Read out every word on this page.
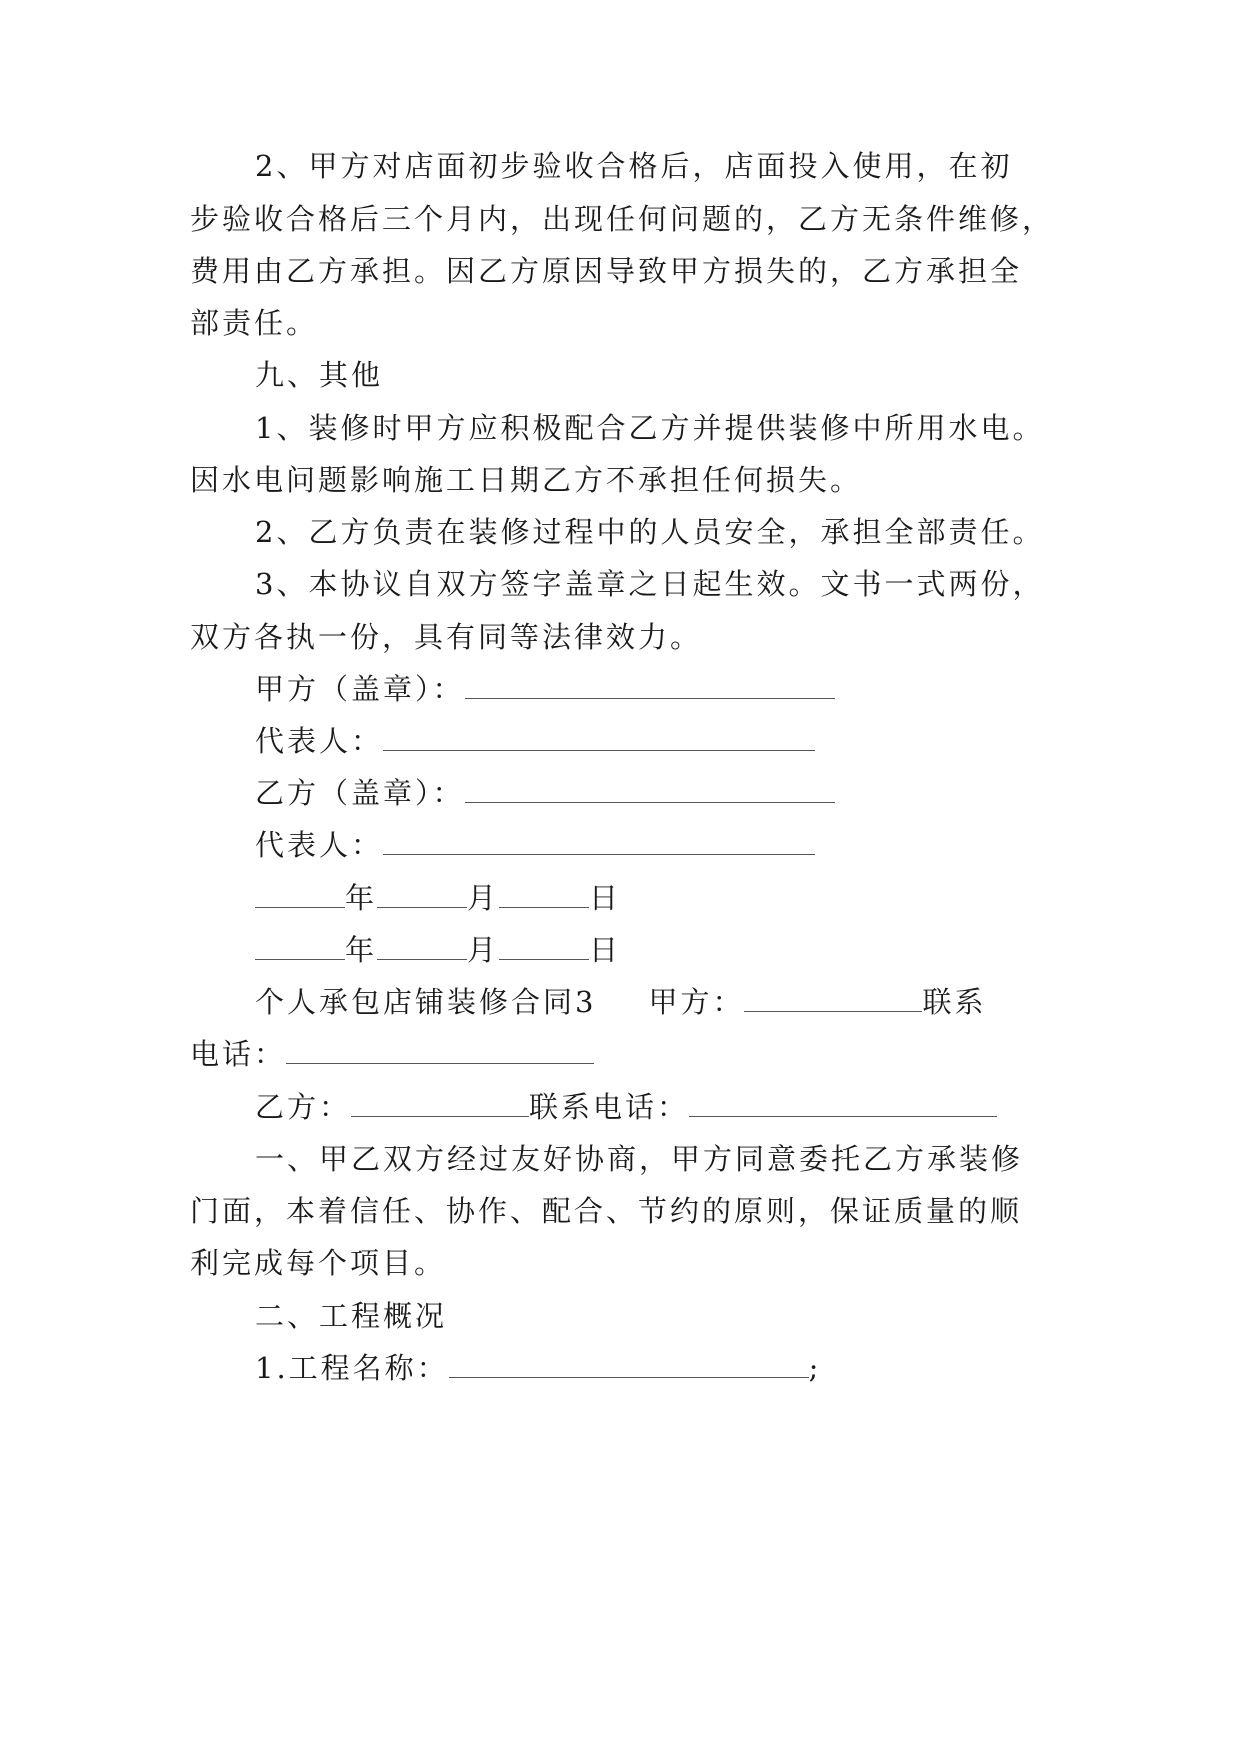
2、甲方对店面初步验收合格后，店面投入使用，在初
步验收合格后三个月内，出现任何问题的，乙方无条件维修，
费用由乙方承担。因乙方原因导致甲方损失的，乙方承担全
部责任。
九、其他
1、装修时甲方应积极配合乙方并提供装修中所用水电。
因水电问题影响施工日期乙方不承担任何损失。
2、乙方负责在装修过程中的人员安全，承担全部责任。
3、本协议自双方签字盖章之日起生效。文书一式两份，
双方各执一份，具有同等法律效力。
甲方（盖章）：
代表人：
乙方（盖章）：
代表人：
年	月	日
年	月	日
个人承包店铺装修合同3 甲方：	联系
电话：
乙方：	联系电话：
一、甲乙双方经过友好协商，甲方同意委托乙方承装修
门面，本着信任、协作、配合、节约的原则，保证质量的顺
利完成每个项目。
二、工程概况
1.工程名称：	;
